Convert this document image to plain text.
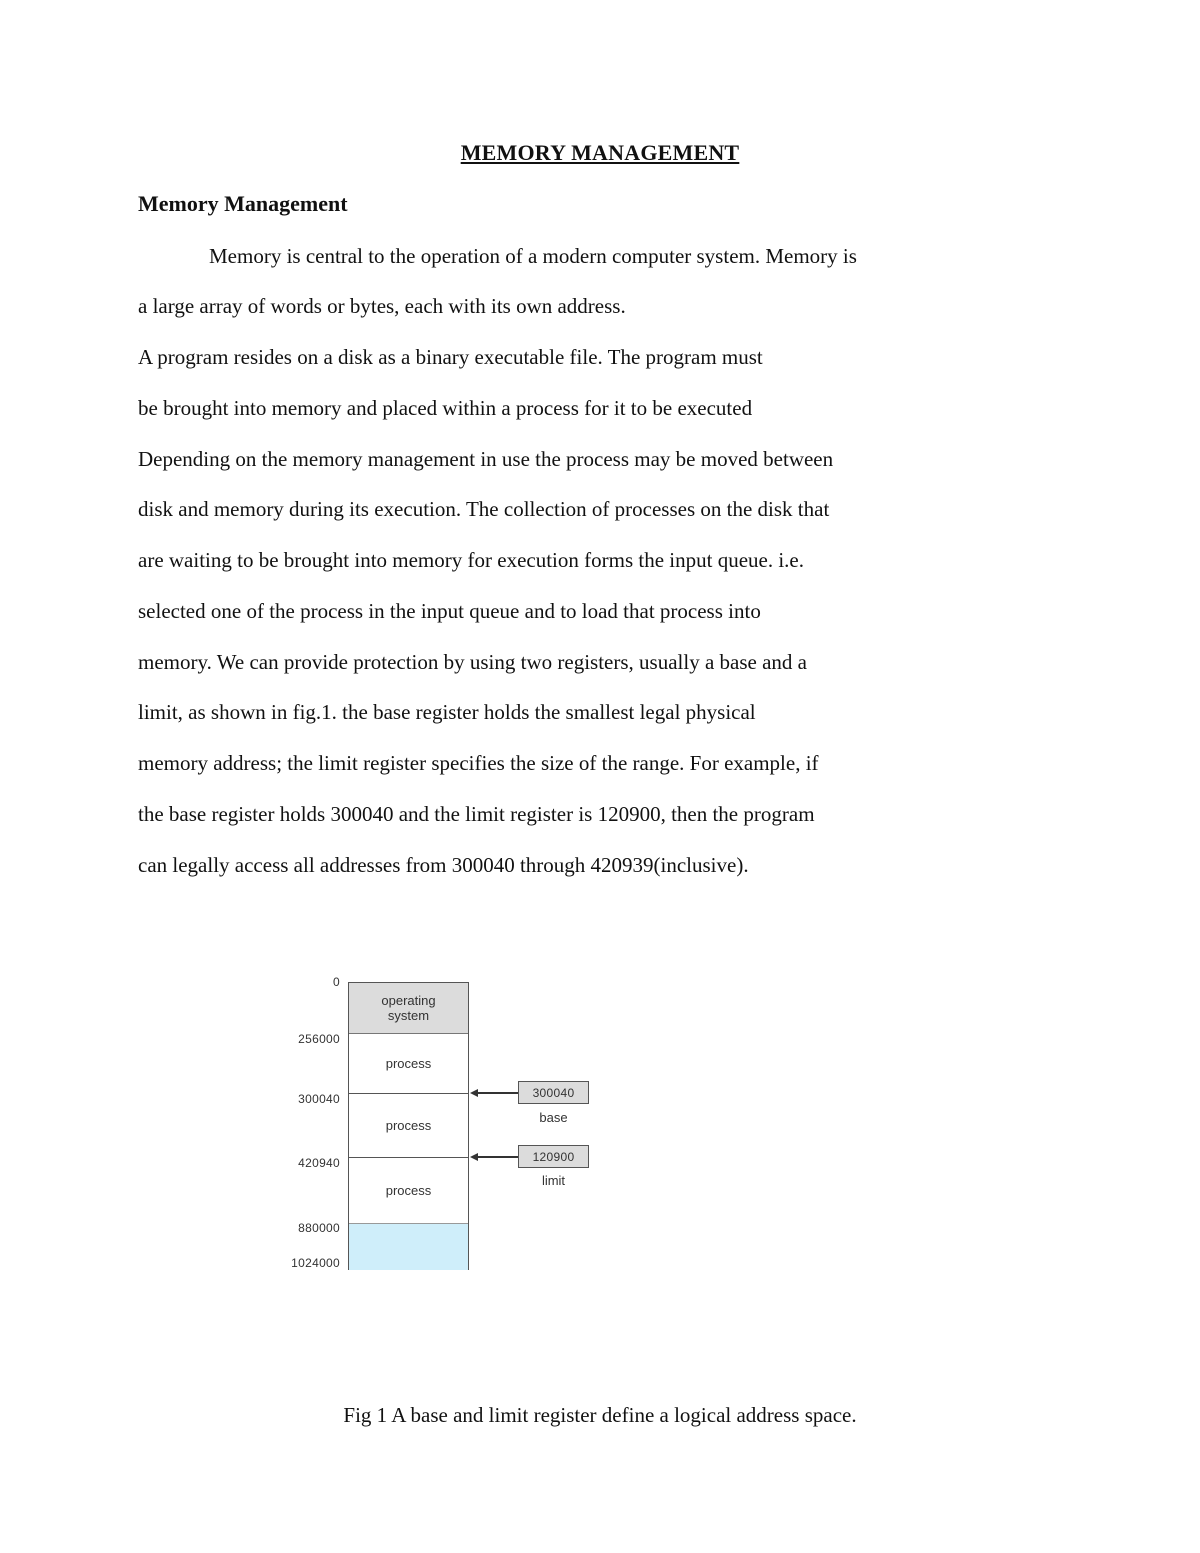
MEMORY MANAGEMENT
Memory Management
Memory is central to the operation of a modern computer system. Memory is
a large array of words or bytes, each with its own address.
A program resides on a disk as a binary executable file. The program must
be brought into memory and placed within a process for it to be executed
Depending on the memory management in use the process may be moved between
disk and memory during its execution. The collection of processes on the disk that
are waiting to be brought into memory for execution forms the input queue. i.e.
selected one of the process in the input queue and to load that process into
memory. We can provide protection by using two registers, usually a base and a
limit, as shown in fig.1. the base register holds the smallest legal physical
memory address; the limit register specifies the size of the range. For example, if
the base register holds 300040 and the limit register is 120900, then the program
can legally access all addresses from 300040 through 420939(inclusive).
0
256000
300040
420940
880000
1024000
operating
system
process
process
process
300040
base
120900
limit
Fig 1 A base and limit register define a logical address space.
